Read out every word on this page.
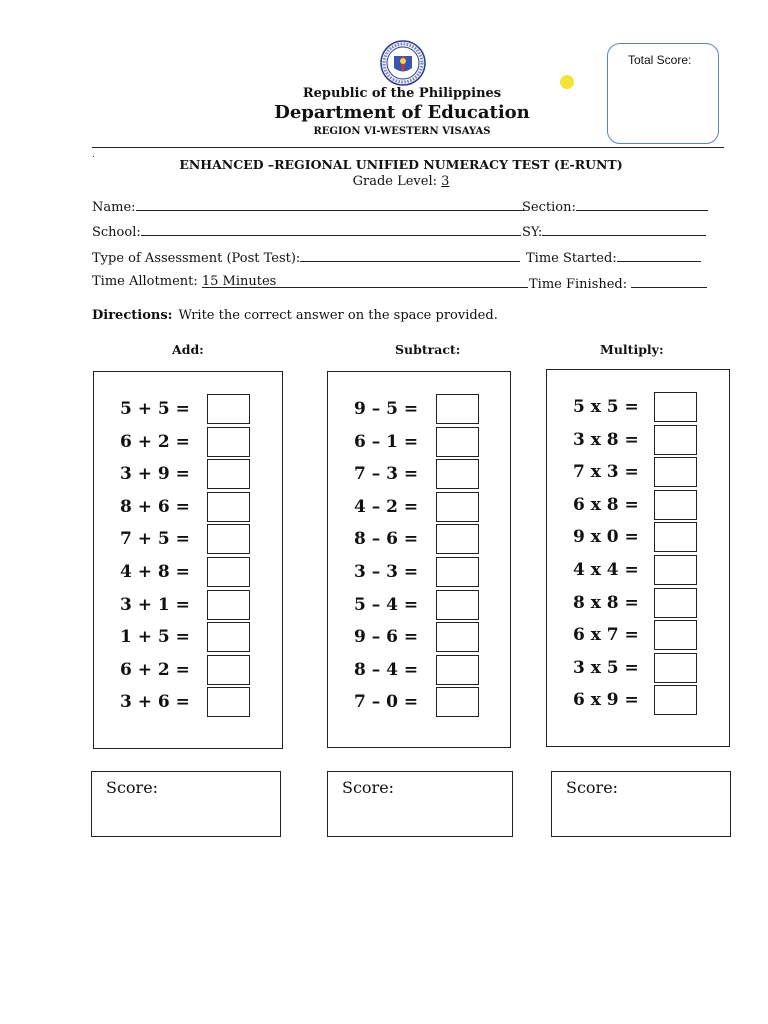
Republic of the Philippines
Department of Education
REGION VI-WESTERN VISAYAS
.
Total Score:
ENHANCED –REGIONAL UNIFIED NUMERACY TEST (E-RUNT)
Grade Level: 3
Name:	Section:
School:	SY:
Type of Assessment (Post Test):	Time Started:
Time Allotment: 15 Minutes	Time Finished:
Directions: Write the correct answer on the space provided.
Add:	Subtract:	Multiply:
5 + 5 =
6 + 2 =
3 + 9 =
8 + 6 =
7 + 5 =
4 + 8 =
3 + 1 =
1 + 5 =
6 + 2 =
3 + 6 =
9 – 5 =
6 – 1 =
7 – 3 =
4 – 2 =
8 – 6 =
3 – 3 =
5 – 4 =
9 – 6 =
8 – 4 =
7 – 0 =
5 x 5 =
3 x 8 =
7 x 3 =
6 x 8 =
9 x 0 =
4 x 4 =
8 x 8 =
6 x 7 =
3 x 5 =
6 x 9 =
Score:	Score:	Score:
